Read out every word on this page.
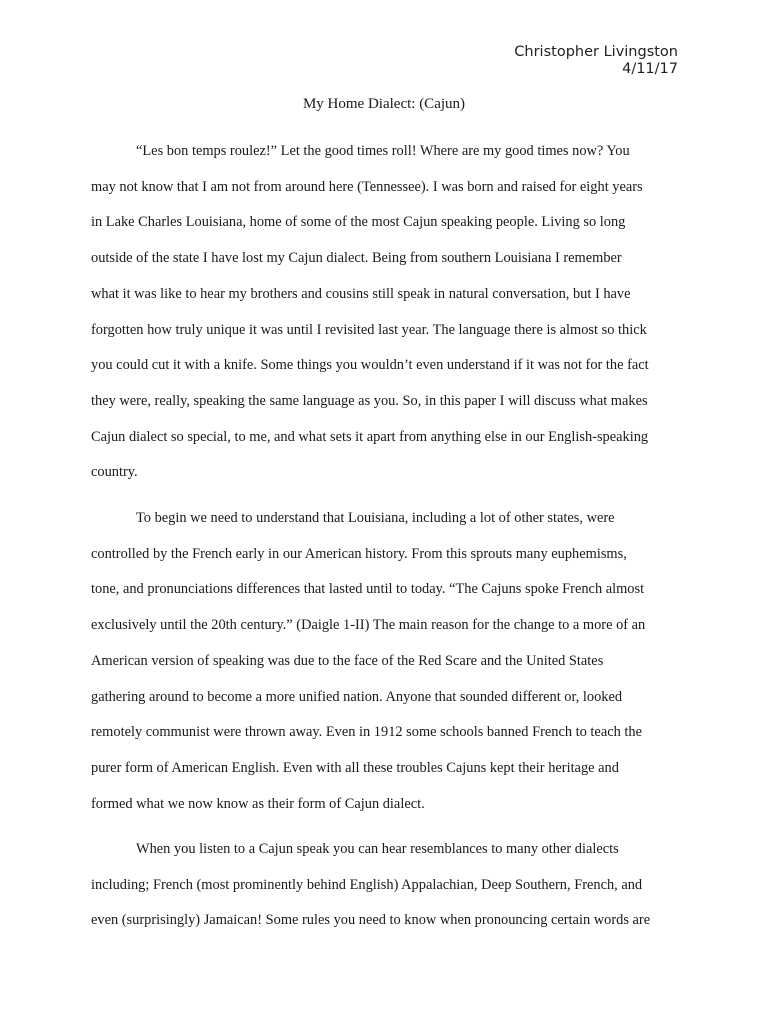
Christopher Livingston
4/11/17
My Home Dialect: (Cajun)
“Les bon temps roulez!” Let the good times roll! Where are my good times now? You
may not know that I am not from around here (Tennessee). I was born and raised for eight years
in Lake Charles Louisiana, home of some of the most Cajun speaking people. Living so long
outside of the state I have lost my Cajun dialect. Being from southern Louisiana I remember
what it was like to hear my brothers and cousins still speak in natural conversation, but I have
forgotten how truly unique it was until I revisited last year. The language there is almost so thick
you could cut it with a knife. Some things you wouldn’t even understand if it was not for the fact
they were, really, speaking the same language as you. So, in this paper I will discuss what makes
Cajun dialect so special, to me, and what sets it apart from anything else in our English-speaking
country.
To begin we need to understand that Louisiana, including a lot of other states, were
controlled by the French early in our American history. From this sprouts many euphemisms,
tone, and pronunciations differences that lasted until to today. “The Cajuns spoke French almost
exclusively until the 20th century.” (Daigle 1-II) The main reason for the change to a more of an
American version of speaking was due to the face of the Red Scare and the United States
gathering around to become a more unified nation. Anyone that sounded different or, looked
remotely communist were thrown away. Even in 1912 some schools banned French to teach the
purer form of American English. Even with all these troubles Cajuns kept their heritage and
formed what we now know as their form of Cajun dialect.
When you listen to a Cajun speak you can hear resemblances to many other dialects
including; French (most prominently behind English) Appalachian, Deep Southern, French, and
even (surprisingly) Jamaican! Some rules you need to know when pronouncing certain words are
